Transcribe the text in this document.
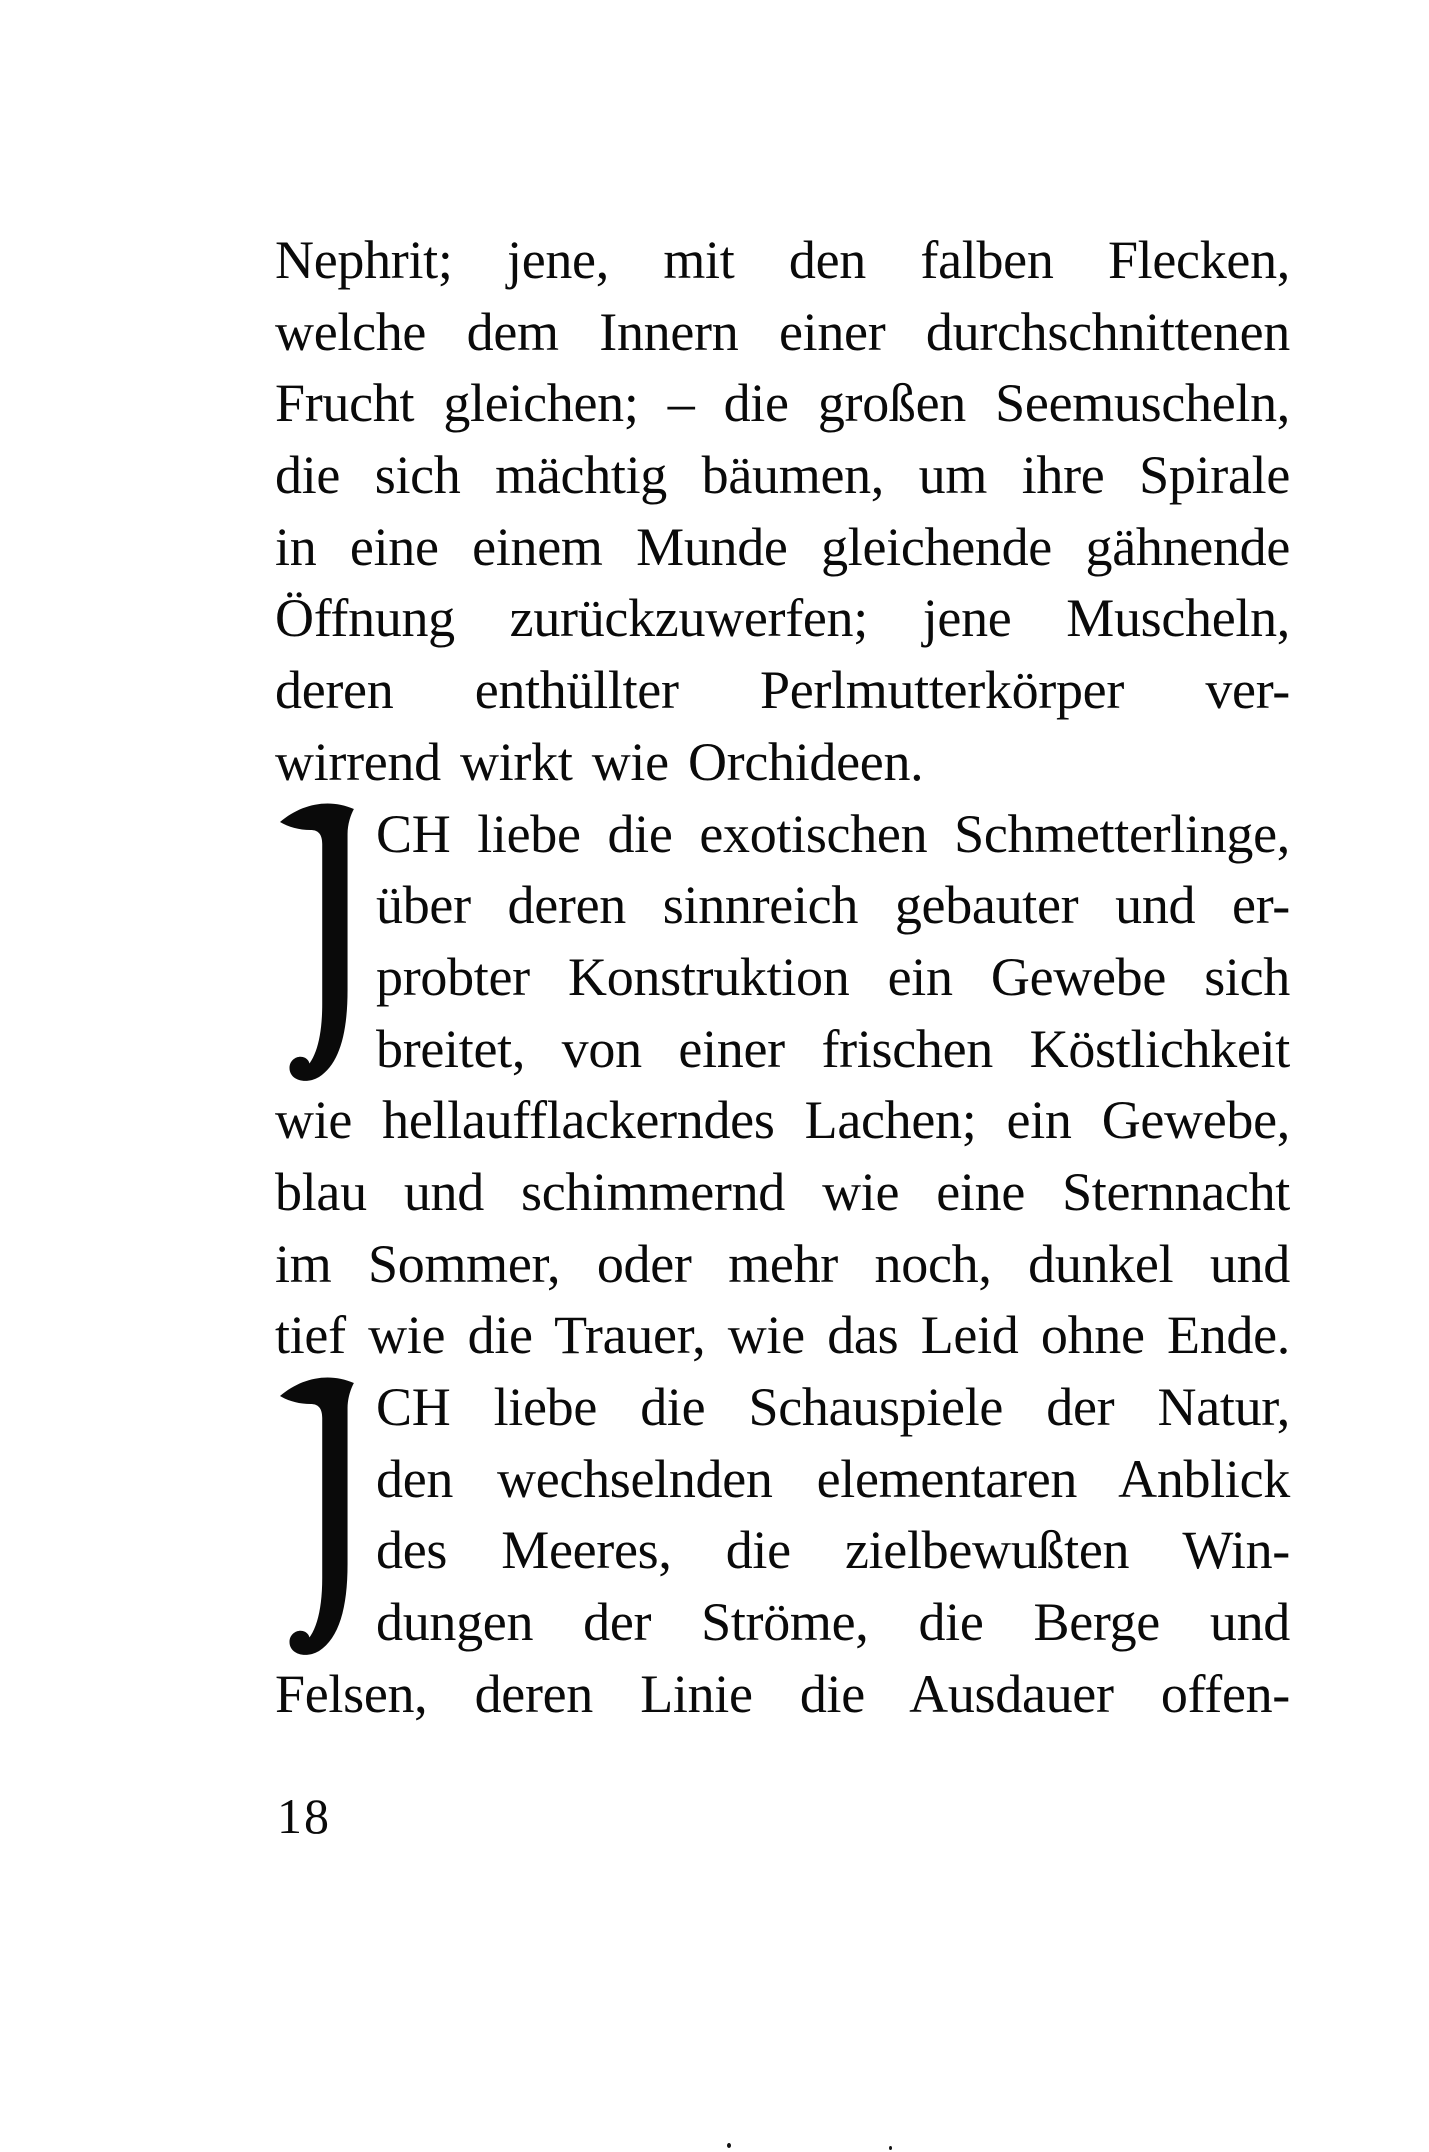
Nephrit; jene, mit den falben Flecken,
welche dem Innern einer durchschnittenen
Frucht gleichen; – die großen Seemuscheln,
die sich mächtig bäumen, um ihre Spirale
in eine einem Munde gleichende gähnende
Öffnung zurückzuwerfen; jene Muscheln,
deren enthüllter Perlmutterkörper ver-
wirrend wirkt wie Orchideen.
CH liebe die exotischen Schmetterlinge,
über deren sinnreich gebauter und er-
probter Konstruktion ein Gewebe sich
breitet, von einer frischen Köstlichkeit
wie hellaufflackerndes Lachen; ein Gewebe,
blau und schimmernd wie eine Sternnacht
im Sommer, oder mehr noch, dunkel und
tief wie die Trauer, wie das Leid ohne Ende.
CH liebe die Schauspiele der Natur,
den wechselnden elementaren Anblick
des Meeres, die zielbewußten Win-
dungen der Ströme, die Berge und
Felsen, deren Linie die Ausdauer offen-
18
